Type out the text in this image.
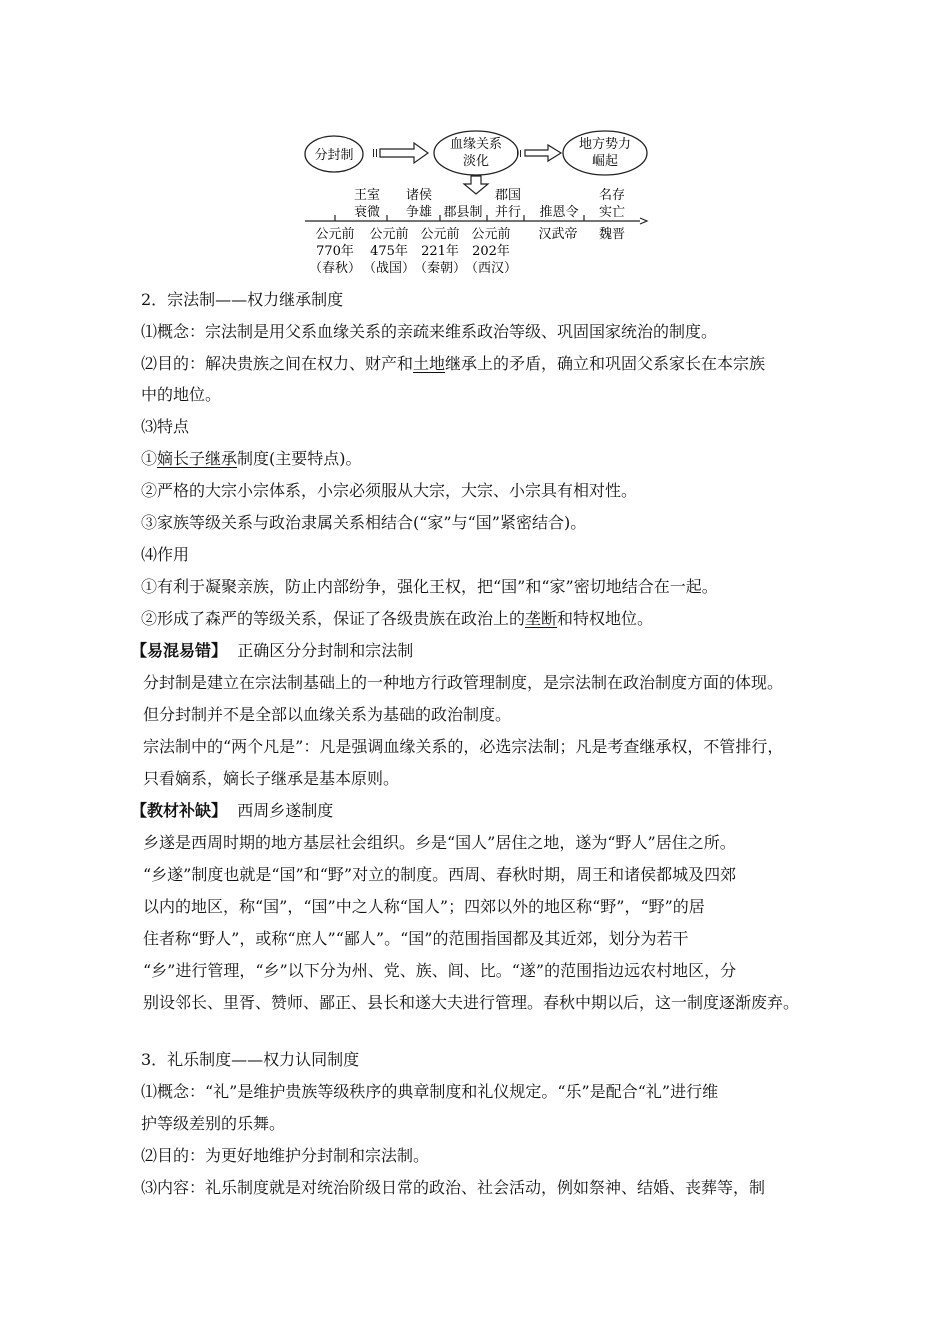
分封制
血缘关系
淡化
地方势力
崛起
王室
衰微
诸侯
争雄 郡县制
郡国
并行 推恩令
名存
实亡
公元前
770年
（春秋）
公元前
475年
（战国）
公元前
221年
（秦朝）
公元前
202年
（西汉）
汉武帝 魏晋
2．宗法制——权力继承制度
⑴概念：宗法制是用父系血缘关系的亲疏来维系政治等级、巩固国家统治的制度。
⑵目的：解决贵族之间在权力、财产和土地继承上的矛盾，确立和巩固父系家长在本宗族
中的地位。
⑶特点
①嫡长子继承制度(主要特点)。
②严格的大宗小宗体系，小宗必须服从大宗，大宗、小宗具有相对性。
③家族等级关系与政治隶属关系相结合(“家”与“国”紧密结合)。
⑷作用
①有利于凝聚亲族，防止内部纷争，强化王权，把“国”和“家”密切地结合在一起。
②形成了森严的等级关系，保证了各级贵族在政治上的垄断和特权地位。
【易混易错】 正确区分分封制和宗法制
分封制是建立在宗法制基础上的一种地方行政管理制度，是宗法制在政治制度方面的体现。
但分封制并不是全部以血缘关系为基础的政治制度。
宗法制中的“两个凡是”：凡是强调血缘关系的，必选宗法制；凡是考查继承权，不管排行，
只看嫡系，嫡长子继承是基本原则。
【教材补缺】 西周乡遂制度
乡遂是西周时期的地方基层社会组织。乡是“国人”居住之地，遂为“野人”居住之所。
“乡遂”制度也就是“国”和“野”对立的制度。西周、春秋时期，周王和诸侯都城及四郊
以内的地区，称“国”，“国”中之人称“国人”；四郊以外的地区称“野”，“野”的居
住者称“野人”，或称“庶人”“鄙人”。“国”的范围指国都及其近郊，划分为若干
“乡”进行管理，“乡”以下分为州、党、族、闾、比。“遂”的范围指边远农村地区，分
别设邻长、里胥、赞师、鄙正、县长和遂大夫进行管理。春秋中期以后，这一制度逐渐废弃。
3．礼乐制度——权力认同制度
⑴概念：“礼”是维护贵族等级秩序的典章制度和礼仪规定。“乐”是配合“礼”进行维
护等级差别的乐舞。
⑵目的：为更好地维护分封制和宗法制。
⑶内容：礼乐制度就是对统治阶级日常的政治、社会活动，例如祭神、结婚、丧葬等，制
